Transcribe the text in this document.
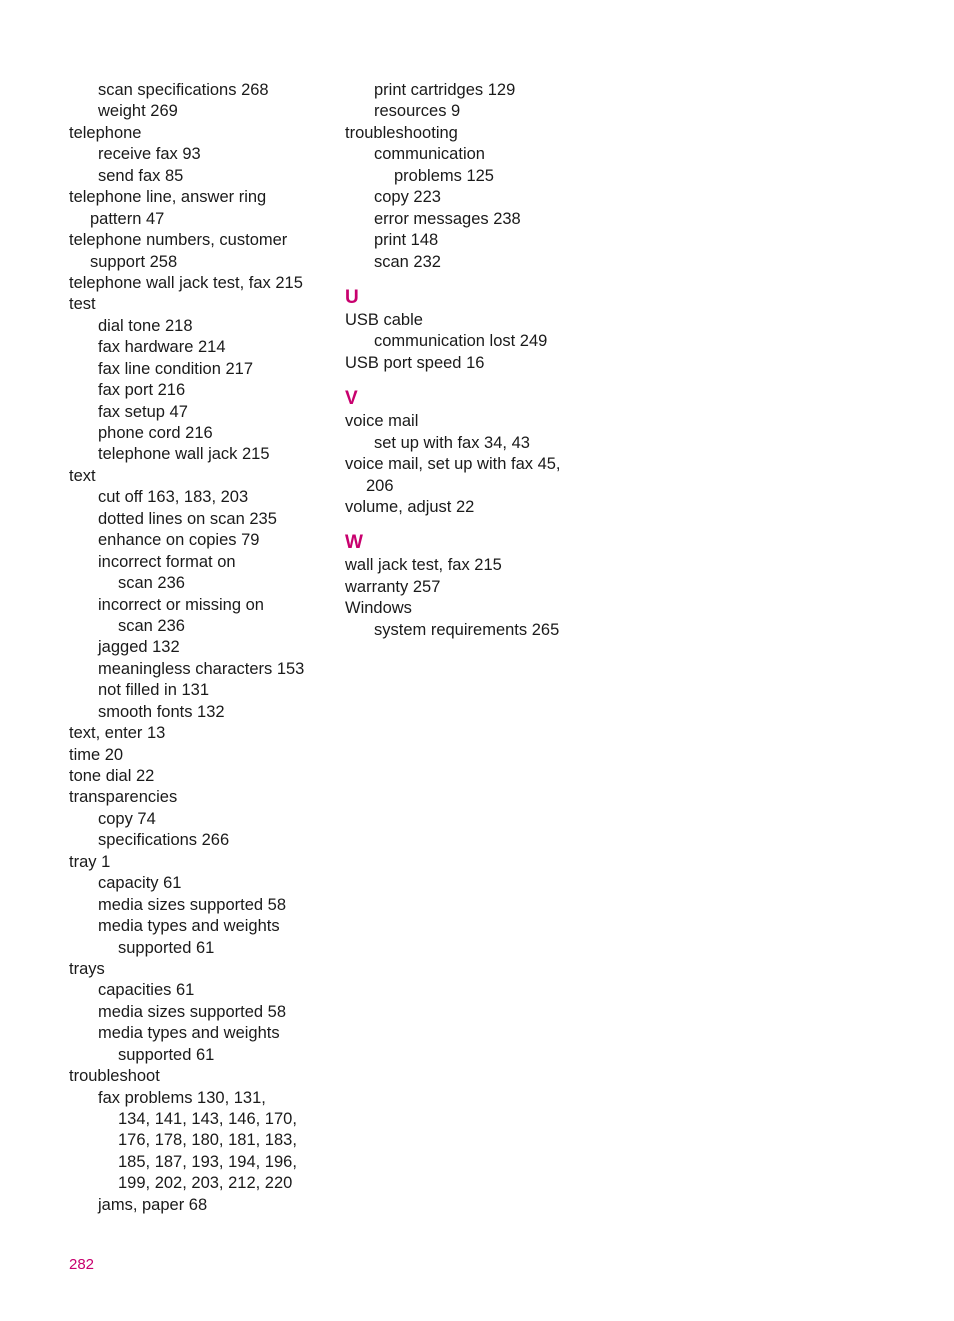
scan specifications 268
weight 269
telephone
receive fax 93
send fax 85
telephone line, answer ring
pattern 47
telephone numbers, customer
support 258
telephone wall jack test, fax 215
test
dial tone 218
fax hardware 214
fax line condition 217
fax port 216
fax setup 47
phone cord 216
telephone wall jack 215
text
cut off 163, 183, 203
dotted lines on scan 235
enhance on copies 79
incorrect format on
scan 236
incorrect or missing on
scan 236
jagged 132
meaningless characters 153
not filled in 131
smooth fonts 132
text, enter 13
time 20
tone dial 22
transparencies
copy 74
specifications 266
tray 1
capacity 61
media sizes supported 58
media types and weights
supported 61
trays
capacities 61
media sizes supported 58
media types and weights
supported 61
troubleshoot
fax problems 130, 131,
134, 141, 143, 146, 170,
176, 178, 180, 181, 183,
185, 187, 193, 194, 196,
199, 202, 203, 212, 220
jams, paper 68
print cartridges 129
resources 9
troubleshooting
communication
problems 125
copy 223
error messages 238
print 148
scan 232
U
USB cable
communication lost 249
USB port speed 16
V
voice mail
set up with fax 34, 43
voice mail, set up with fax 45,
206
volume, adjust 22
W
wall jack test, fax 215
warranty 257
Windows
system requirements 265
282
